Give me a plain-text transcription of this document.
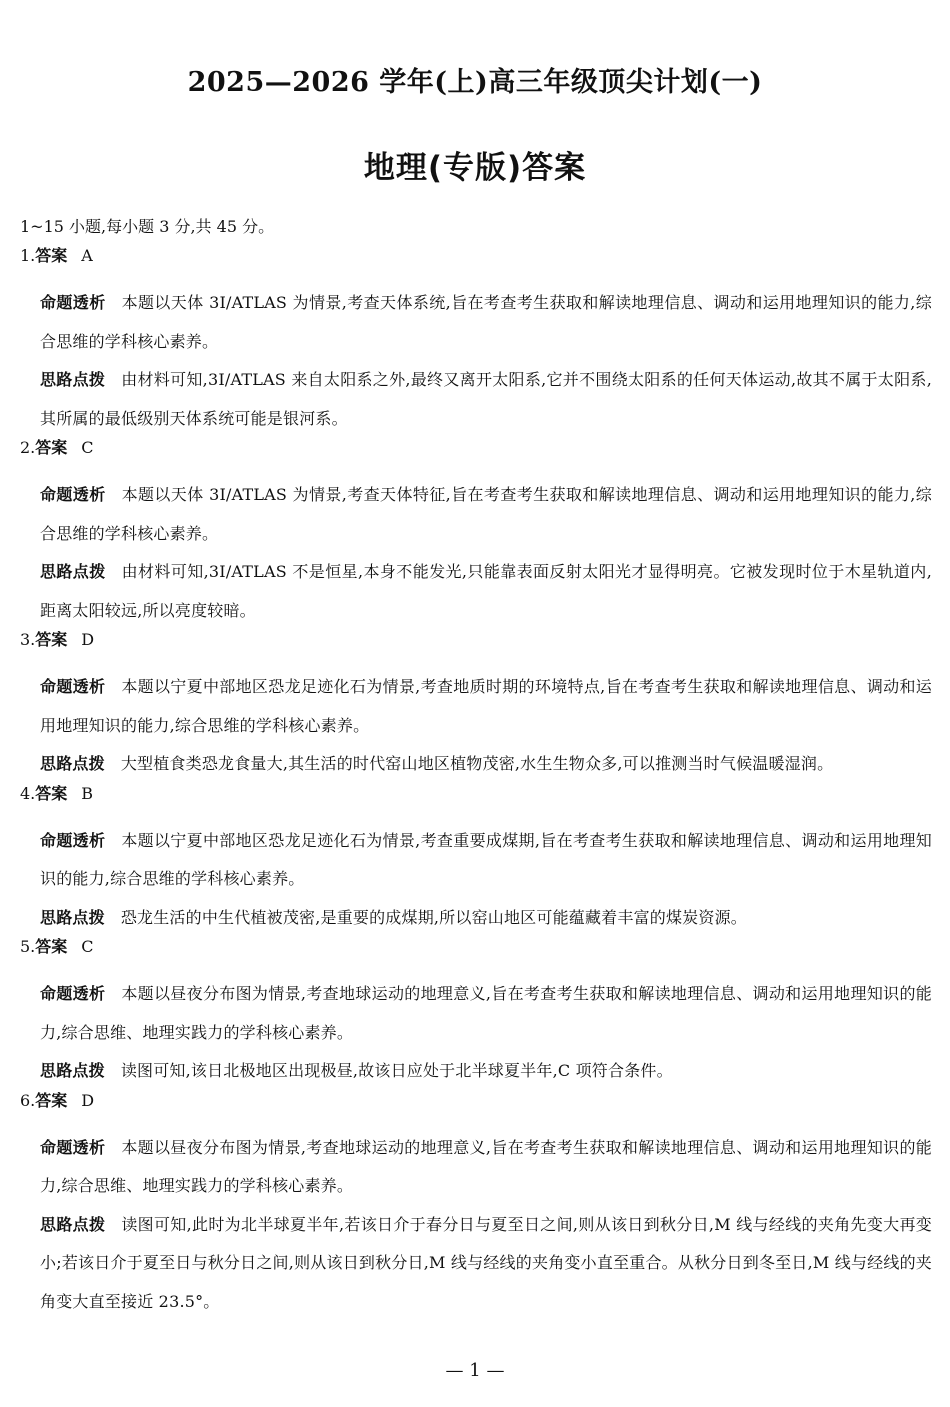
2025—2026 学年(上)高三年级顶尖计划(一)
地理(专版)答案
1~15 小题,每小题 3 分,共 45 分。
1.答案 A
命题透析 本题以天体 3I/ATLAS 为情景,考查天体系统,旨在考查考生获取和解读地理信息、调动和运用地理知识的能力,综合思维的学科核心素养。
思路点拨 由材料可知,3I/ATLAS 来自太阳系之外,最终又离开太阳系,它并不围绕太阳系的任何天体运动,故其不属于太阳系,其所属的最低级别天体系统可能是银河系。
2.答案 C
命题透析 本题以天体 3I/ATLAS 为情景,考查天体特征,旨在考查考生获取和解读地理信息、调动和运用地理知识的能力,综合思维的学科核心素养。
思路点拨 由材料可知,3I/ATLAS 不是恒星,本身不能发光,只能靠表面反射太阳光才显得明亮。它被发现时位于木星轨道内,距离太阳较远,所以亮度较暗。
3.答案 D
命题透析 本题以宁夏中部地区恐龙足迹化石为情景,考查地质时期的环境特点,旨在考查考生获取和解读地理信息、调动和运用地理知识的能力,综合思维的学科核心素养。
思路点拨 大型植食类恐龙食量大,其生活的时代窑山地区植物茂密,水生生物众多,可以推测当时气候温暖湿润。
4.答案 B
命题透析 本题以宁夏中部地区恐龙足迹化石为情景,考查重要成煤期,旨在考查考生获取和解读地理信息、调动和运用地理知识的能力,综合思维的学科核心素养。
思路点拨 恐龙生活的中生代植被茂密,是重要的成煤期,所以窑山地区可能蕴藏着丰富的煤炭资源。
5.答案 C
命题透析 本题以昼夜分布图为情景,考查地球运动的地理意义,旨在考查考生获取和解读地理信息、调动和运用地理知识的能力,综合思维、地理实践力的学科核心素养。
思路点拨 读图可知,该日北极地区出现极昼,故该日应处于北半球夏半年,C 项符合条件。
6.答案 D
命题透析 本题以昼夜分布图为情景,考查地球运动的地理意义,旨在考查考生获取和解读地理信息、调动和运用地理知识的能力,综合思维、地理实践力的学科核心素养。
思路点拨 读图可知,此时为北半球夏半年,若该日介于春分日与夏至日之间,则从该日到秋分日,M 线与经线的夹角先变大再变小;若该日介于夏至日与秋分日之间,则从该日到秋分日,M 线与经线的夹角变小直至重合。从秋分日到冬至日,M 线与经线的夹角变大直至接近 23.5°。
— 1 —
